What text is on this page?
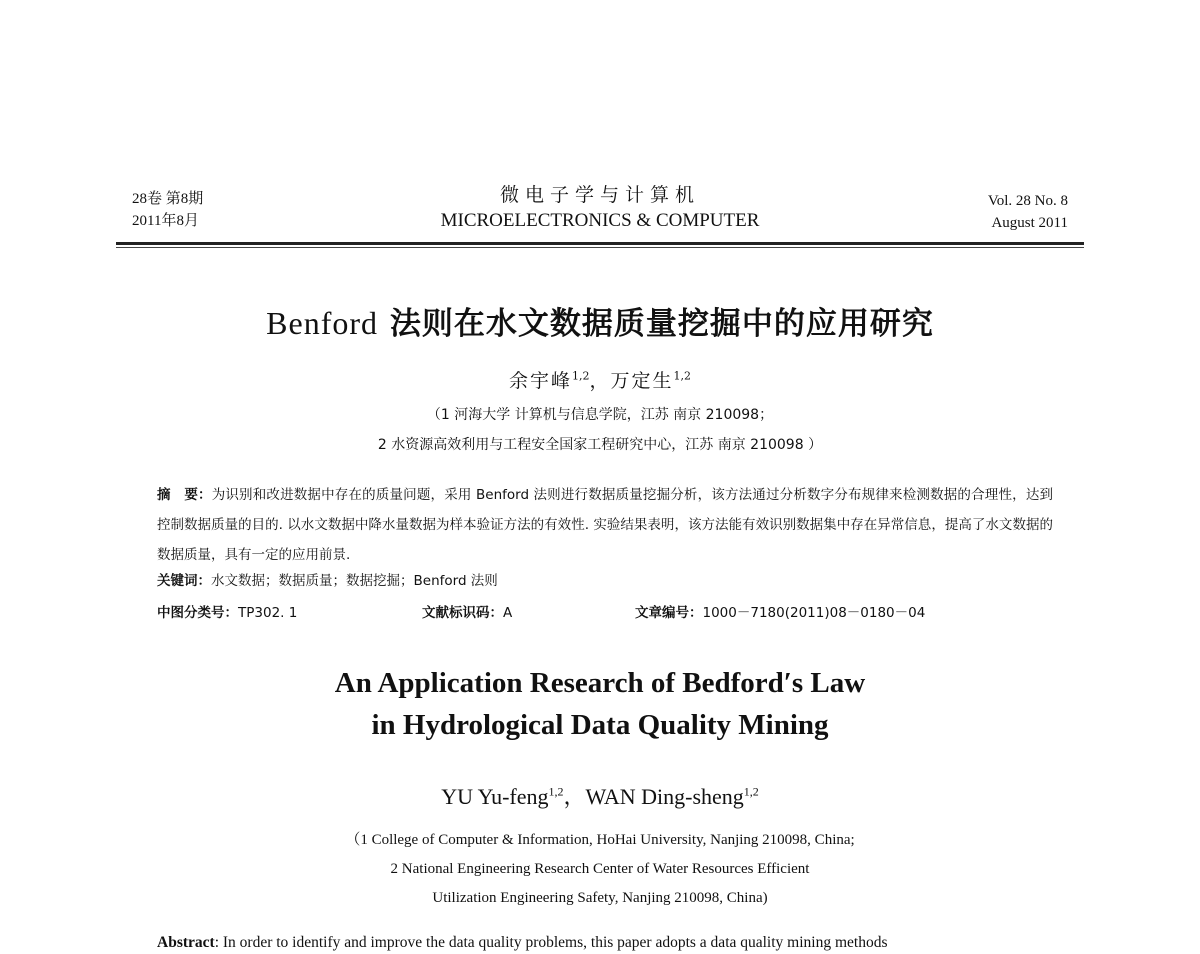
28卷 第8期
2011年8月
微电子学与计算机
MICROELECTRONICS & COMPUTER
Vol. 28 No. 8
August 2011
Benford 法则在水文数据质量挖掘中的应用研究
余宇峰$^{1,2}$，万定生$^{1,2}$
（1 河海大学 计算机与信息学院，江苏 南京 210098；
2 水资源高效利用与工程安全国家工程研究中心，江苏 南京 210098 ）
摘　要：为识别和改进数据中存在的质量问题，采用 Benford 法则进行数据质量挖掘分析，该方法通过分析数字分布规律来检测数据的合理性，达到控制数据质量的目的. 以水文数据中降水量数据为样本验证方法的有效性. 实验结果表明，该方法能有效识别数据集中存在异常信息，提高了水文数据的数据质量，具有一定的应用前景.
关键词：水文数据；数据质量；数据挖掘；Benford 法则
中图分类号：TP302. 1	文献标识码：A	文章编号：1000－7180(2011)08－0180－04
An Application Research of Bedford′s Law
in Hydrological Data Quality Mining
YU Yu-feng$^{1,2}$，WAN Ding-sheng$^{1,2}$
（1 College of Computer & Information, HoHai University, Nanjing 210098, China;
2 National Engineering Research Center of Water Resources Efficient
Utilization Engineering Safety, Nanjing 210098, China)
Abstract: In order to identify and improve the data quality problems, this paper adopts a data quality mining methods
